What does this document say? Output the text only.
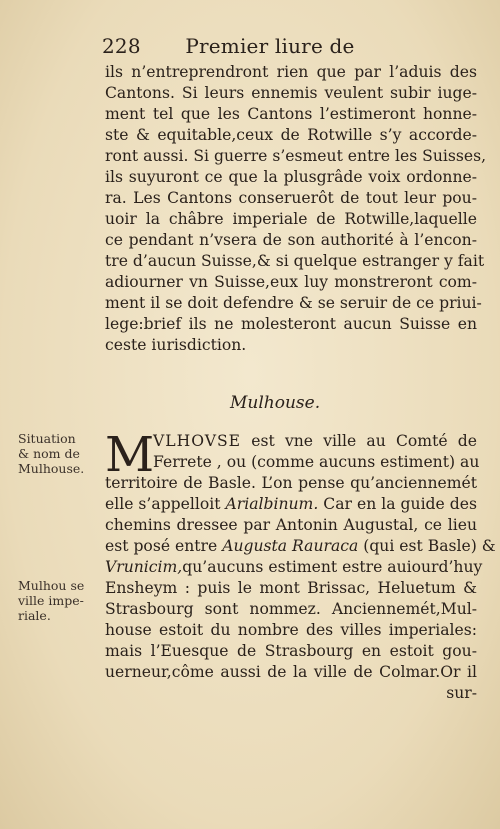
228 Premier liure de
ils n’entreprendront rien que par l’aduis des
Cantons. Si leurs ennemis veulent subir iuge-
ment tel que les Cantons l’estimeront honne-
ste & equitable,ceux de Rotwille s’y accorde-
ront aussi. Si guerre s’esmeut entre les Suisses,
ils suyuront ce que la plusgrâde voix ordonne-
ra. Les Cantons conseruerôt de tout leur pou-
uoir la châbre imperiale de Rotwille,laquelle
ce pendant n’vsera de son authorité à l’encon-
tre d’aucun Suisse,& si quelque estranger y fait
adiourner vn Suisse,eux luy monstreront com-
ment il se doit defendre & se seruir de ce priui-
lege:brief ils ne molesteront aucun Suisse en
ceste iurisdiction.
Mulhouse.
Situation
& nom de
Mulhouse.
Mulhou se
ville impe-
riale.
M
VLHOVSE est vne ville au Comté de
Ferrete , ou (comme aucuns estiment) au
territoire de Basle. L’on pense qu’anciennemét
elle s’appelloit Arialbinum. Car en la guide des
chemins dressee par Antonin Augustal, ce lieu
est posé entre Augusta Rauraca (qui est Basle) &
Vrunicim,qu’aucuns estiment estre auiourd’huy
Ensheym : puis le mont Brissac, Heluetum &
Strasbourg sont nommez. Anciennemét,Mul-
house estoit du nombre des villes imperiales:
mais l’Euesque de Strasbourg en estoit gou-
uerneur,côme aussi de la ville de Colmar.Or il
sur-
